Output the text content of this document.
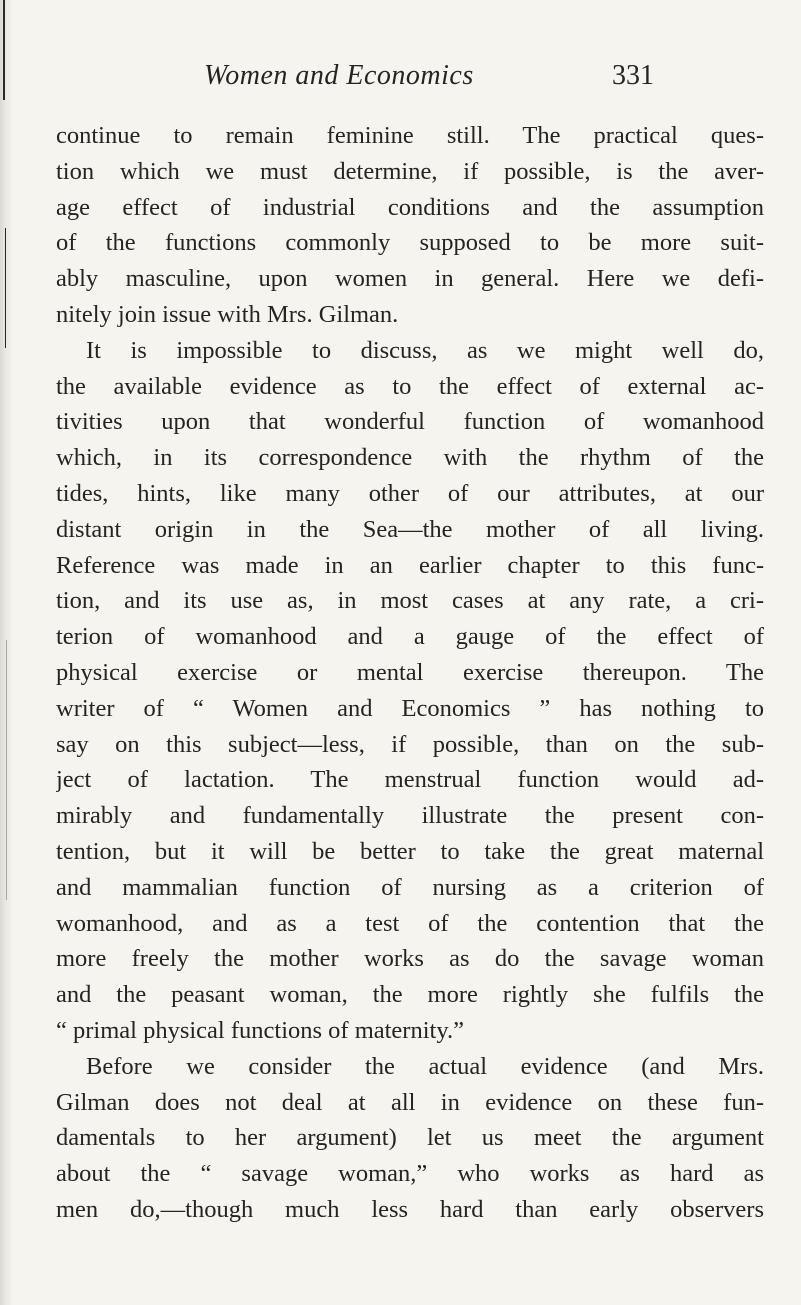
Women and Economics	331
continue to remain feminine still. The practical ques-
tion which we must determine, if possible, is the aver-
age effect of industrial conditions and the assumption
of the functions commonly supposed to be more suit-
ably masculine, upon women in general. Here we defi-
nitely join issue with Mrs. Gilman.
It is impossible to discuss, as we might well do,
the available evidence as to the effect of external ac-
tivities upon that wonderful function of womanhood
which, in its correspondence with the rhythm of the
tides, hints, like many other of our attributes, at our
distant origin in the Sea—the mother of all living.
Reference was made in an earlier chapter to this func-
tion, and its use as, in most cases at any rate, a cri-
terion of womanhood and a gauge of the effect of
physical exercise or mental exercise thereupon. The
writer of “ Women and Economics ” has nothing to
say on this subject—less, if possible, than on the sub-
ject of lactation. The menstrual function would ad-
mirably and fundamentally illustrate the present con-
tention, but it will be better to take the great maternal
and mammalian function of nursing as a criterion of
womanhood, and as a test of the contention that the
more freely the mother works as do the savage woman
and the peasant woman, the more rightly she fulfils the
“ primal physical functions of maternity.”
Before we consider the actual evidence (and Mrs.
Gilman does not deal at all in evidence on these fun-
damentals to her argument) let us meet the argument
about the “ savage woman,” who works as hard as
men do,—though much less hard than early observers
